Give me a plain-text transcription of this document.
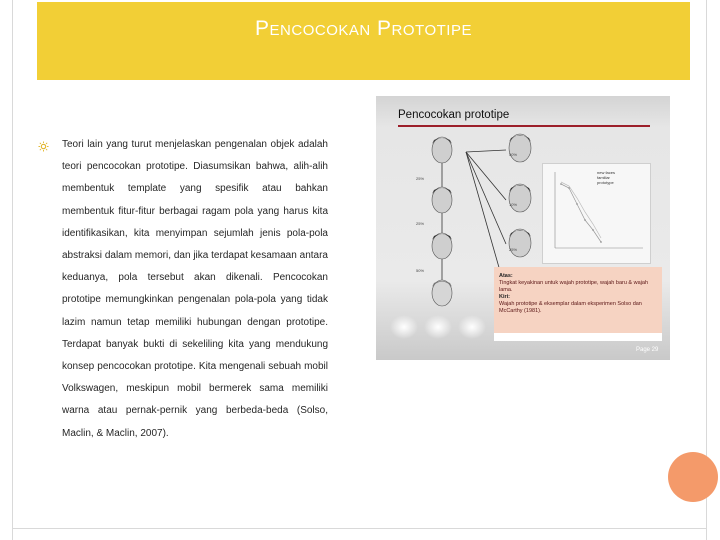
Pencocokan Prototipe
Teori lain yang turut menjelaskan pengenalan objek adalah teori pencocokan prototipe. Diasumsikan bahwa, alih-alih membentuk template yang spesifik atau bahkan membentuk fitur-fitur berbagai ragam pola yang harus kita identifikasikan, kita menyimpan sejumlah jenis pola-pola abstraksi dalam memori, dan jika terdapat kesamaan antara keduanya, pola tersebut akan dikenali. Pencocokan prototipe memungkinkan pengenalan pola-pola yang tidak lazim namun tetap memiliki hubungan dengan prototipe. Terdapat banyak bukti di sekeliling kita yang mendukung konsep pencocokan prototipe. Kita mengenali sebuah mobil Volkswagen, meskipun mobil bermerek sama memiliki warna atau pernak-pernik yang berbeda-beda (Solso, Maclin, & Maclin, 2007).
Pencocokan prototipe
25%
50%
25%
10%
50%
25%
new faces
familiar
prototype
Atas:
Tingkat keyakinan untuk wajah prototipe, wajah baru & wajah lama.
Kiri:
Wajah prototipe & eksemplar dalam eksperimen Solso dan McCarthy (1981).
Page 29
